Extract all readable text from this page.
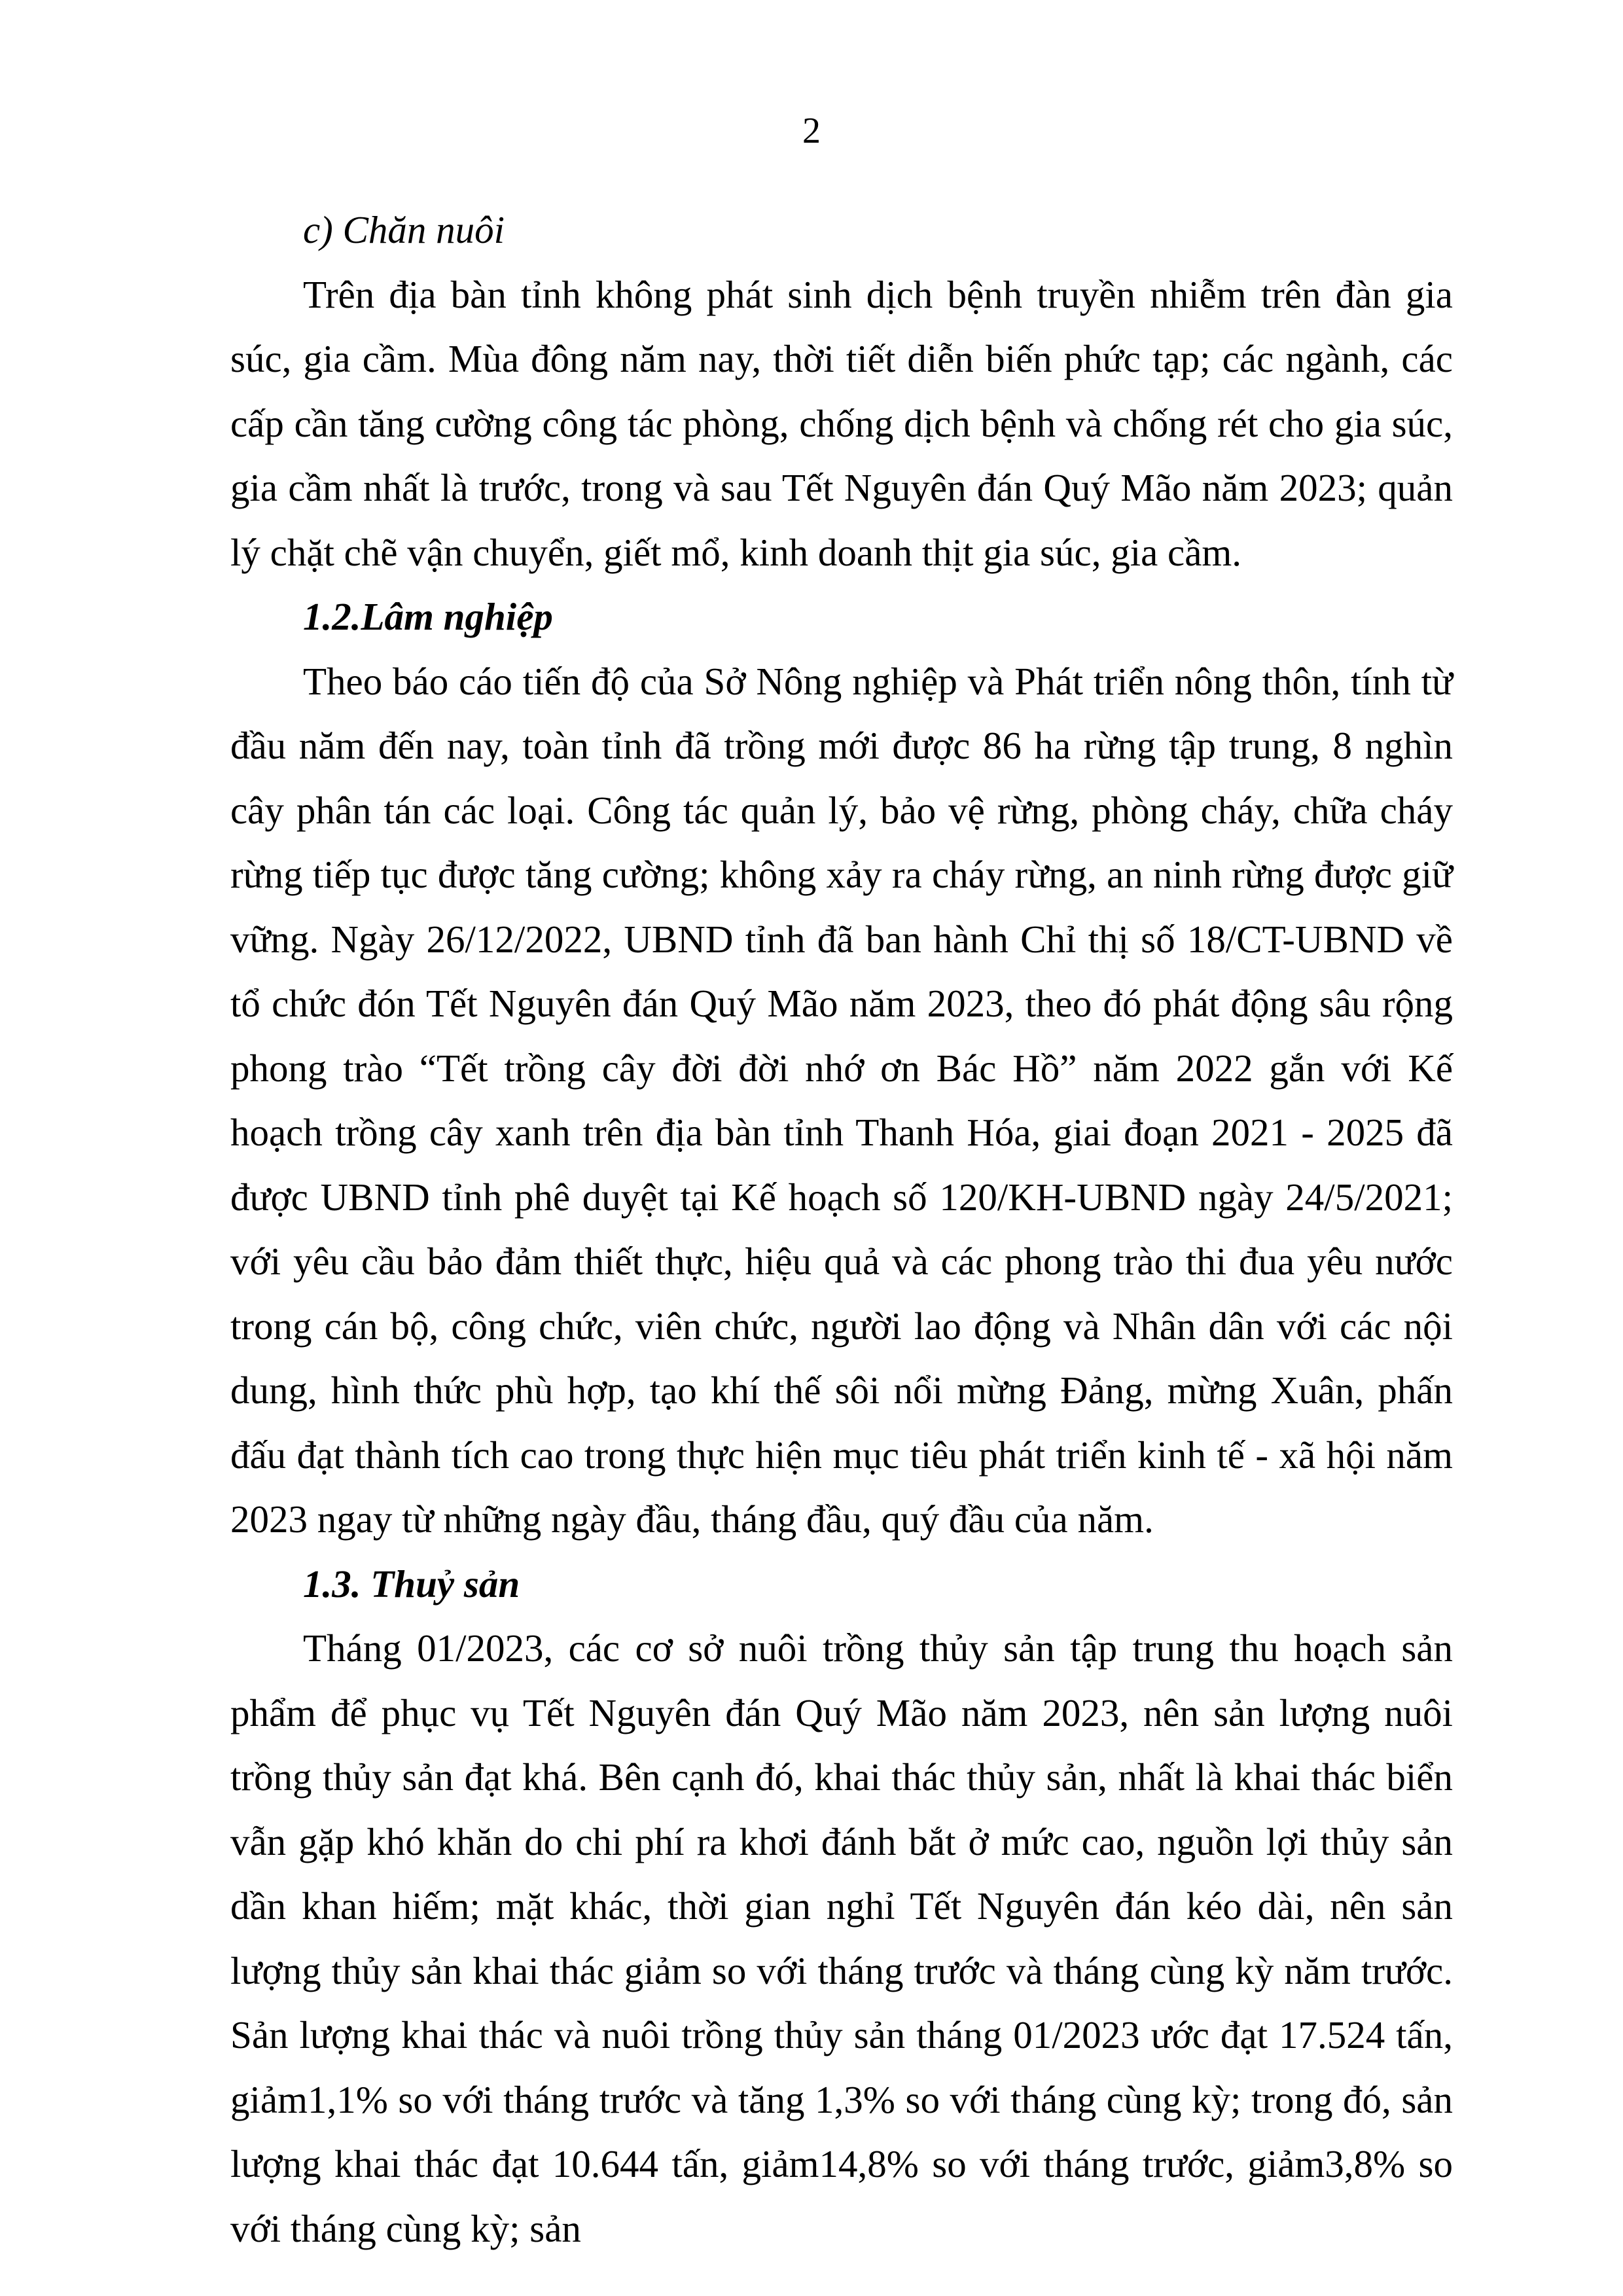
2

c) Chăn nuôi

Trên địa bàn tỉnh không phát sinh dịch bệnh truyền nhiễm trên đàn gia súc, gia cầm. Mùa đông năm nay, thời tiết diễn biến phức tạp; các ngành, các cấp cần tăng cường công tác phòng, chống dịch bệnh và chống rét cho gia súc, gia cầm nhất là trước, trong và sau Tết Nguyên đán Quý Mão năm 2023; quản lý chặt chẽ vận chuyển, giết mổ, kinh doanh thịt gia súc, gia cầm.

1.2.Lâm nghiệp

Theo báo cáo tiến độ của Sở Nông nghiệp và Phát triển nông thôn, tính từ đầu năm đến nay, toàn tỉnh đã trồng mới được 86 ha rừng tập trung, 8 nghìn cây phân tán các loại. Công tác quản lý, bảo vệ rừng, phòng cháy, chữa cháy rừng tiếp tục được tăng cường; không xảy ra cháy rừng, an ninh rừng được giữ vững. Ngày 26/12/2022, UBND tỉnh đã ban hành Chỉ thị số 18/CT-UBND về tổ chức đón Tết Nguyên đán Quý Mão năm 2023, theo đó phát động sâu rộng phong trào “Tết trồng cây đời đời nhớ ơn Bác Hồ” năm 2022 gắn với Kế hoạch trồng cây xanh trên địa bàn tỉnh Thanh Hóa, giai đoạn 2021 - 2025 đã được UBND tỉnh phê duyệt tại Kế hoạch số 120/KH-UBND ngày 24/5/2021; với yêu cầu bảo đảm thiết thực, hiệu quả và các phong trào thi đua yêu nước trong cán bộ, công chức, viên chức, người lao động và Nhân dân với các nội dung, hình thức phù hợp, tạo khí thế sôi nổi mừng Đảng, mừng Xuân, phấn đấu đạt thành tích cao trong thực hiện mục tiêu phát triển kinh tế - xã hội năm 2023 ngay từ những ngày đầu, tháng đầu, quý đầu của năm.

1.3. Thuỷ sản

Tháng 01/2023, các cơ sở nuôi trồng thủy sản tập trung thu hoạch sản phẩm để phục vụ Tết Nguyên đán Quý Mão năm 2023, nên sản lượng nuôi trồng thủy sản đạt khá. Bên cạnh đó, khai thác thủy sản, nhất là khai thác biển vẫn gặp khó khăn do chi phí ra khơi đánh bắt ở mức cao, nguồn lợi thủy sản dần khan hiếm; mặt khác, thời gian nghỉ Tết Nguyên đán kéo dài, nên sản lượng thủy sản khai thác giảm so với tháng trước và tháng cùng kỳ năm trước. Sản lượng khai thác và nuôi trồng thủy sản tháng 01/2023 ước đạt 17.524 tấn, giảm1,1% so với tháng trước và tăng 1,3% so với tháng cùng kỳ; trong đó, sản lượng khai thác đạt 10.644 tấn, giảm14,8% so với tháng trước, giảm3,8% so với tháng cùng kỳ; sản
